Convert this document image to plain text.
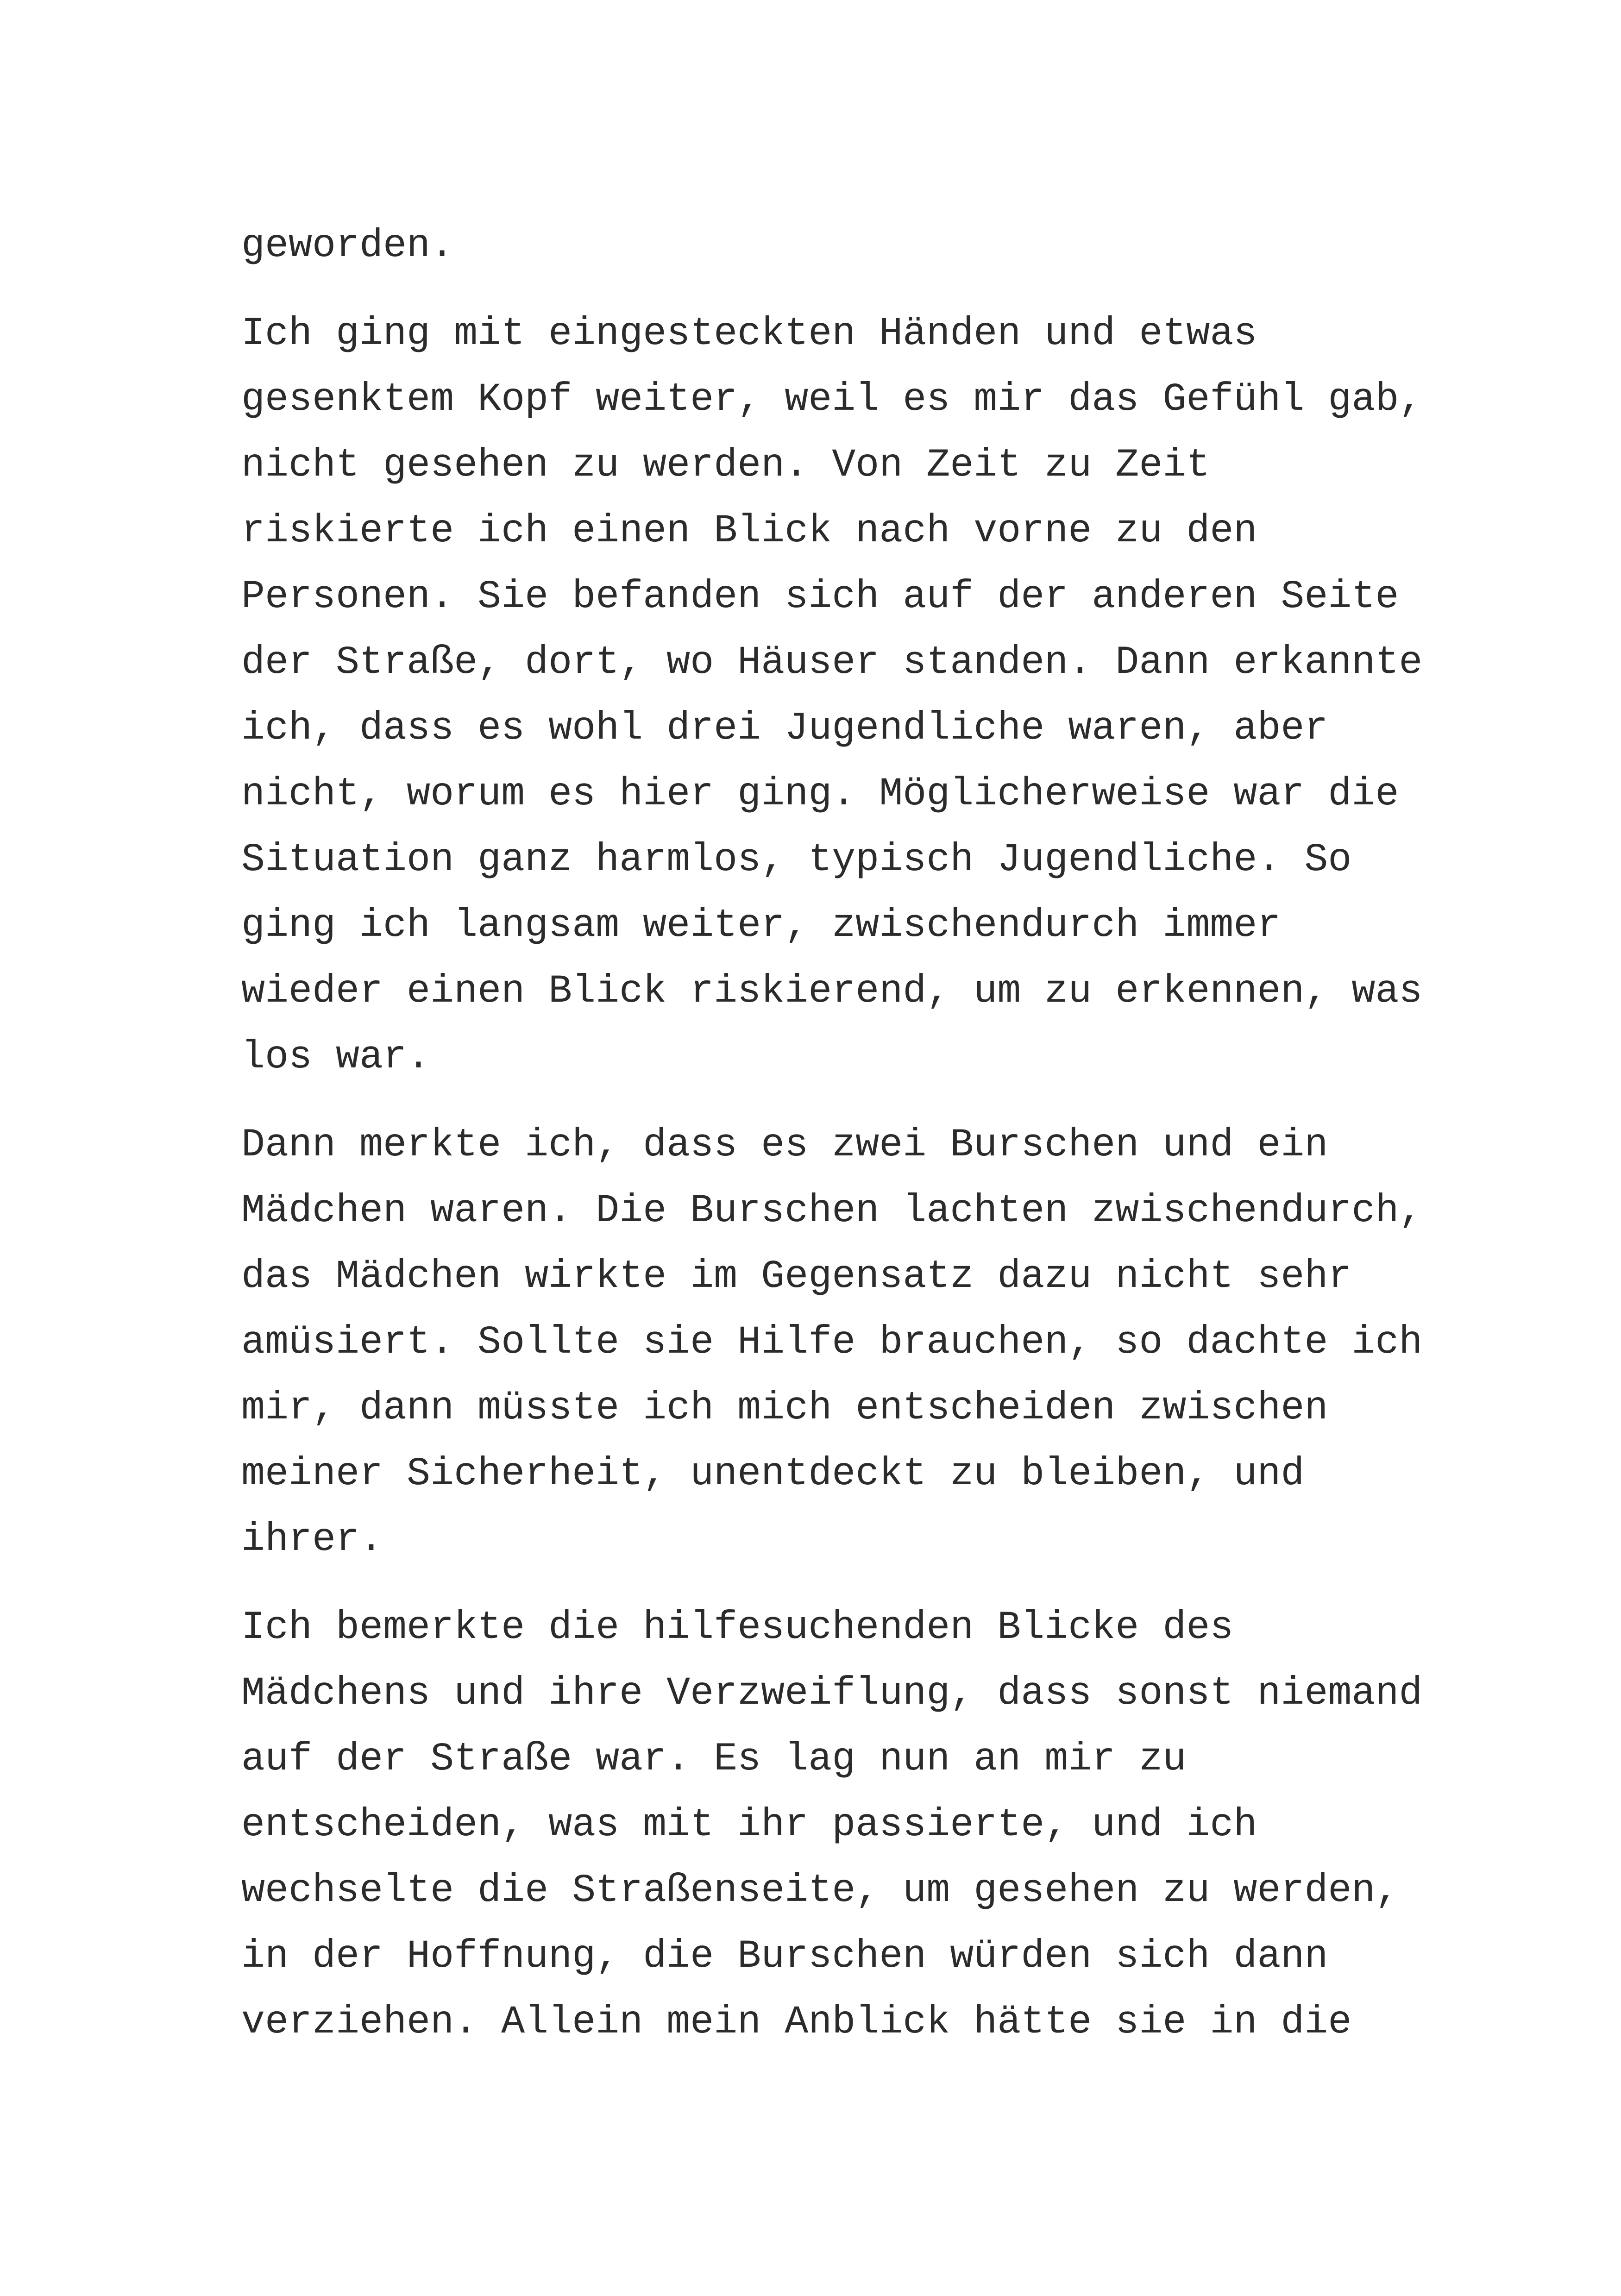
geworden.
Ich ging mit eingesteckten Händen und etwas
gesenktem Kopf weiter, weil es mir das Gefühl gab,
nicht gesehen zu werden. Von Zeit zu Zeit
riskierte ich einen Blick nach vorne zu den
Personen. Sie befanden sich auf der anderen Seite
der Straße, dort, wo Häuser standen. Dann erkannte
ich, dass es wohl drei Jugendliche waren, aber
nicht, worum es hier ging. Möglicherweise war die
Situation ganz harmlos, typisch Jugendliche. So
ging ich langsam weiter, zwischendurch immer
wieder einen Blick riskierend, um zu erkennen, was
los war.
Dann merkte ich, dass es zwei Burschen und ein
Mädchen waren. Die Burschen lachten zwischendurch,
das Mädchen wirkte im Gegensatz dazu nicht sehr
amüsiert. Sollte sie Hilfe brauchen, so dachte ich
mir, dann müsste ich mich entscheiden zwischen
meiner Sicherheit, unentdeckt zu bleiben, und
ihrer.
Ich bemerkte die hilfesuchenden Blicke des
Mädchens und ihre Verzweiflung, dass sonst niemand
auf der Straße war. Es lag nun an mir zu
entscheiden, was mit ihr passierte, und ich
wechselte die Straßenseite, um gesehen zu werden,
in der Hoffnung, die Burschen würden sich dann
verziehen. Allein mein Anblick hätte sie in die
